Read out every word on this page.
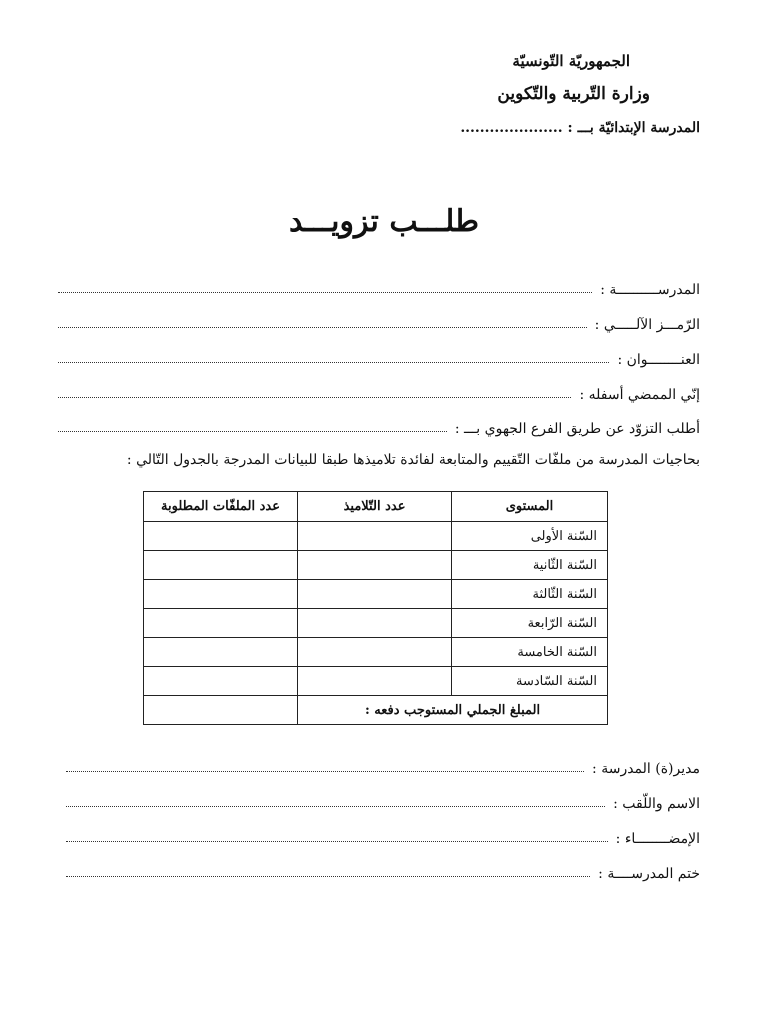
الجمهوريّة التّونسيّة
وزارة التّربية والتّكوين
المدرسة الإبتدائيّة بـــ : .....................
طلـــب تزويـــد
المدرســــــــــة :
الرّمـــز الآلـــــي :
العنــــــــوان :
إنّي الممضي أسفله :
أطلب التزوّد عن طريق الفرع الجهوي بـــ :
بحاجيات المدرسة من ملفّات التّقييم والمتابعة لفائدة تلاميذها طبقا للبيانات المدرجة بالجدول التّالي :
المستوى	عدد التّلاميذ	عدد الملفّات المطلوبة
السّنة الأولى		
السّنة الثّانية		
السّنة الثّالثة		
السّنة الرّابعة		
السّنة الخامسة		
السّنة السّادسة		
المبلغ الجملي المستوجب دفعه :		
مدير(ة) المدرسة :
الاسم واللّقب :
الإمضــــــــاء :
ختم المدرســــة :
